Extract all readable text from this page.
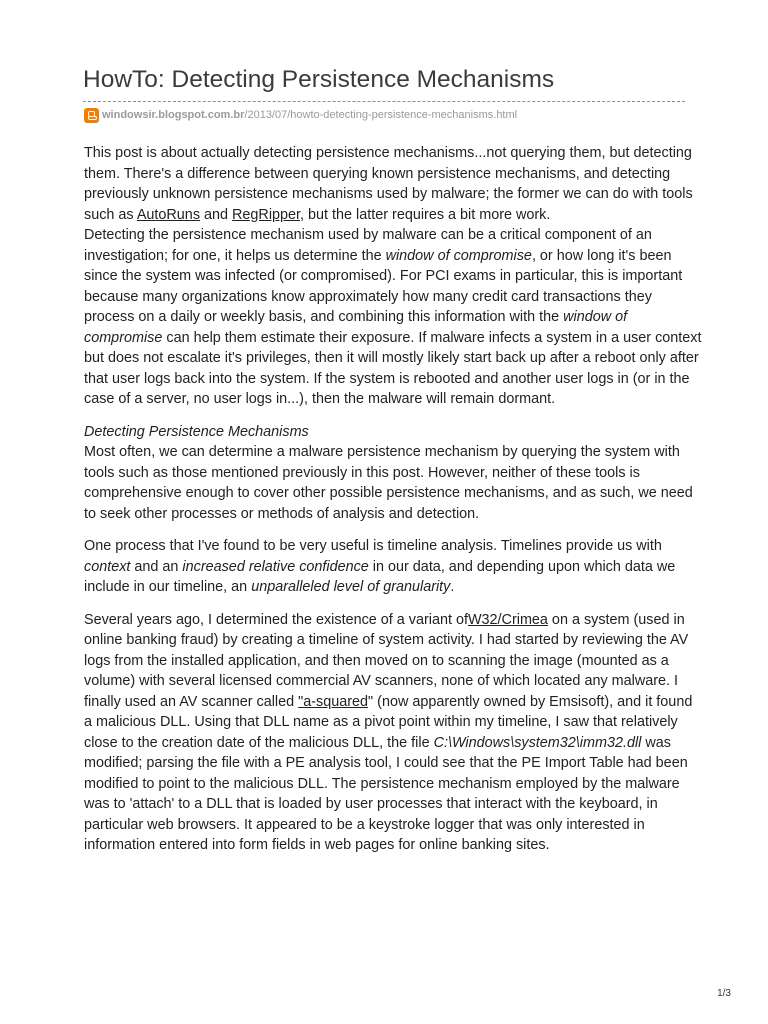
HowTo: Detecting Persistence Mechanisms
windowsir.blogspot.com.br/2013/07/howto-detecting-persistence-mechanisms.html

This post is about actually detecting persistence mechanisms...not querying them, but detecting them. There's a difference between querying known persistence mechanisms, and detecting previously unknown persistence mechanisms used by malware; the former we can do with tools such as AutoRuns and RegRipper, but the latter requires a bit more work.

Detecting the persistence mechanism used by malware can be a critical component of an investigation; for one, it helps us determine the window of compromise, or how long it's been since the system was infected (or compromised). For PCI exams in particular, this is important because many organizations know approximately how many credit card transactions they process on a daily or weekly basis, and combining this information with the window of compromise can help them estimate their exposure. If malware infects a system in a user context but does not escalate it's privileges, then it will mostly likely start back up after a reboot only after that user logs back into the system. If the system is rebooted and another user logs in (or in the case of a server, no user logs in...), then the malware will remain dormant.

Detecting Persistence Mechanisms

Most often, we can determine a malware persistence mechanism by querying the system with tools such as those mentioned previously in this post. However, neither of these tools is comprehensive enough to cover other possible persistence mechanisms, and as such, we need to seek other processes or methods of analysis and detection.

One process that I've found to be very useful is timeline analysis. Timelines provide us with context and an increased relative confidence in our data, and depending upon which data we include in our timeline, an unparalleled level of granularity.

Several years ago, I determined the existence of a variant ofW32/Crimea on a system (used in online banking fraud) by creating a timeline of system activity. I had started by reviewing the AV logs from the installed application, and then moved on to scanning the image (mounted as a volume) with several licensed commercial AV scanners, none of which located any malware. I finally used an AV scanner called "a-squared" (now apparently owned by Emsisoft), and it found a malicious DLL. Using that DLL name as a pivot point within my timeline, I saw that relatively close to the creation date of the malicious DLL, the file C:\Windows\system32\imm32.dll was modified; parsing the file with a PE analysis tool, I could see that the PE Import Table had been modified to point to the malicious DLL. The persistence mechanism employed by the malware was to 'attach' to a DLL that is loaded by user processes that interact with the keyboard, in particular web browsers. It appeared to be a keystroke logger that was only interested in information entered into form fields in web pages for online banking sites.

1/3
